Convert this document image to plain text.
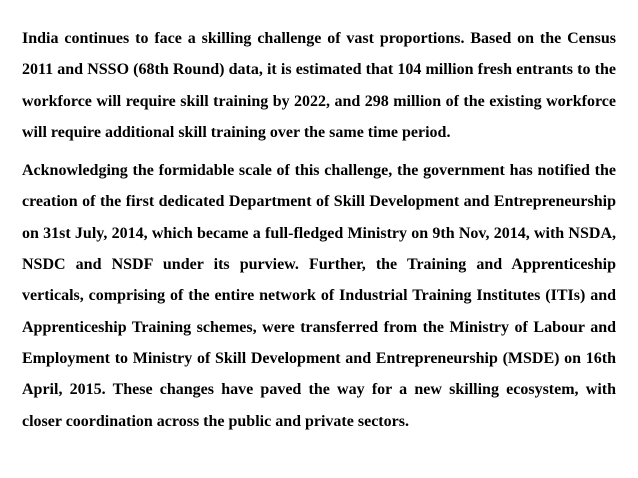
India continues to face a skilling challenge of vast proportions. Based on the Census 2011 and NSSO (68th Round) data, it is estimated that 104 million fresh entrants to the workforce will require skill training by 2022, and 298 million of the existing workforce will require additional skill training over the same time period.

Acknowledging the formidable scale of this challenge, the government has notified the creation of the first dedicated Department of Skill Development and Entrepreneurship on 31st July, 2014, which became a full-fledged Ministry on 9th Nov, 2014, with NSDA, NSDC and NSDF under its purview. Further, the Training and Apprenticeship verticals, comprising of the entire network of Industrial Training Institutes (ITIs) and Apprenticeship Training schemes, were transferred from the Ministry of Labour and Employment to Ministry of Skill Development and Entrepreneurship (MSDE) on 16th April, 2015. These changes have paved the way for a new skilling ecosystem, with closer coordination across the public and private sectors.
